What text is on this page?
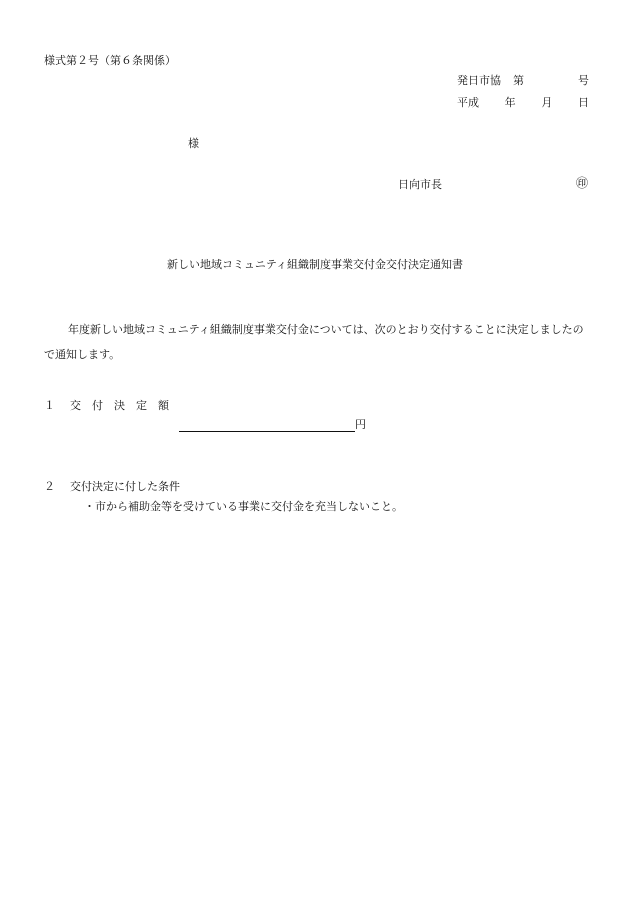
様式第２号（第６条関係）
発日市協 第	号
平成 年 月 日
様
日向市長	㊞
新しい地域コミュニティ組織制度事業交付金交付決定通知書
年度新しい地域コミュニティ組織制度事業交付金については、次のとおり交付することに決定しましたので通知します。
１ 交　付　決　定　額
円
２ 交付決定に付した条件
・市から補助金等を受けている事業に交付金を充当しないこと。
